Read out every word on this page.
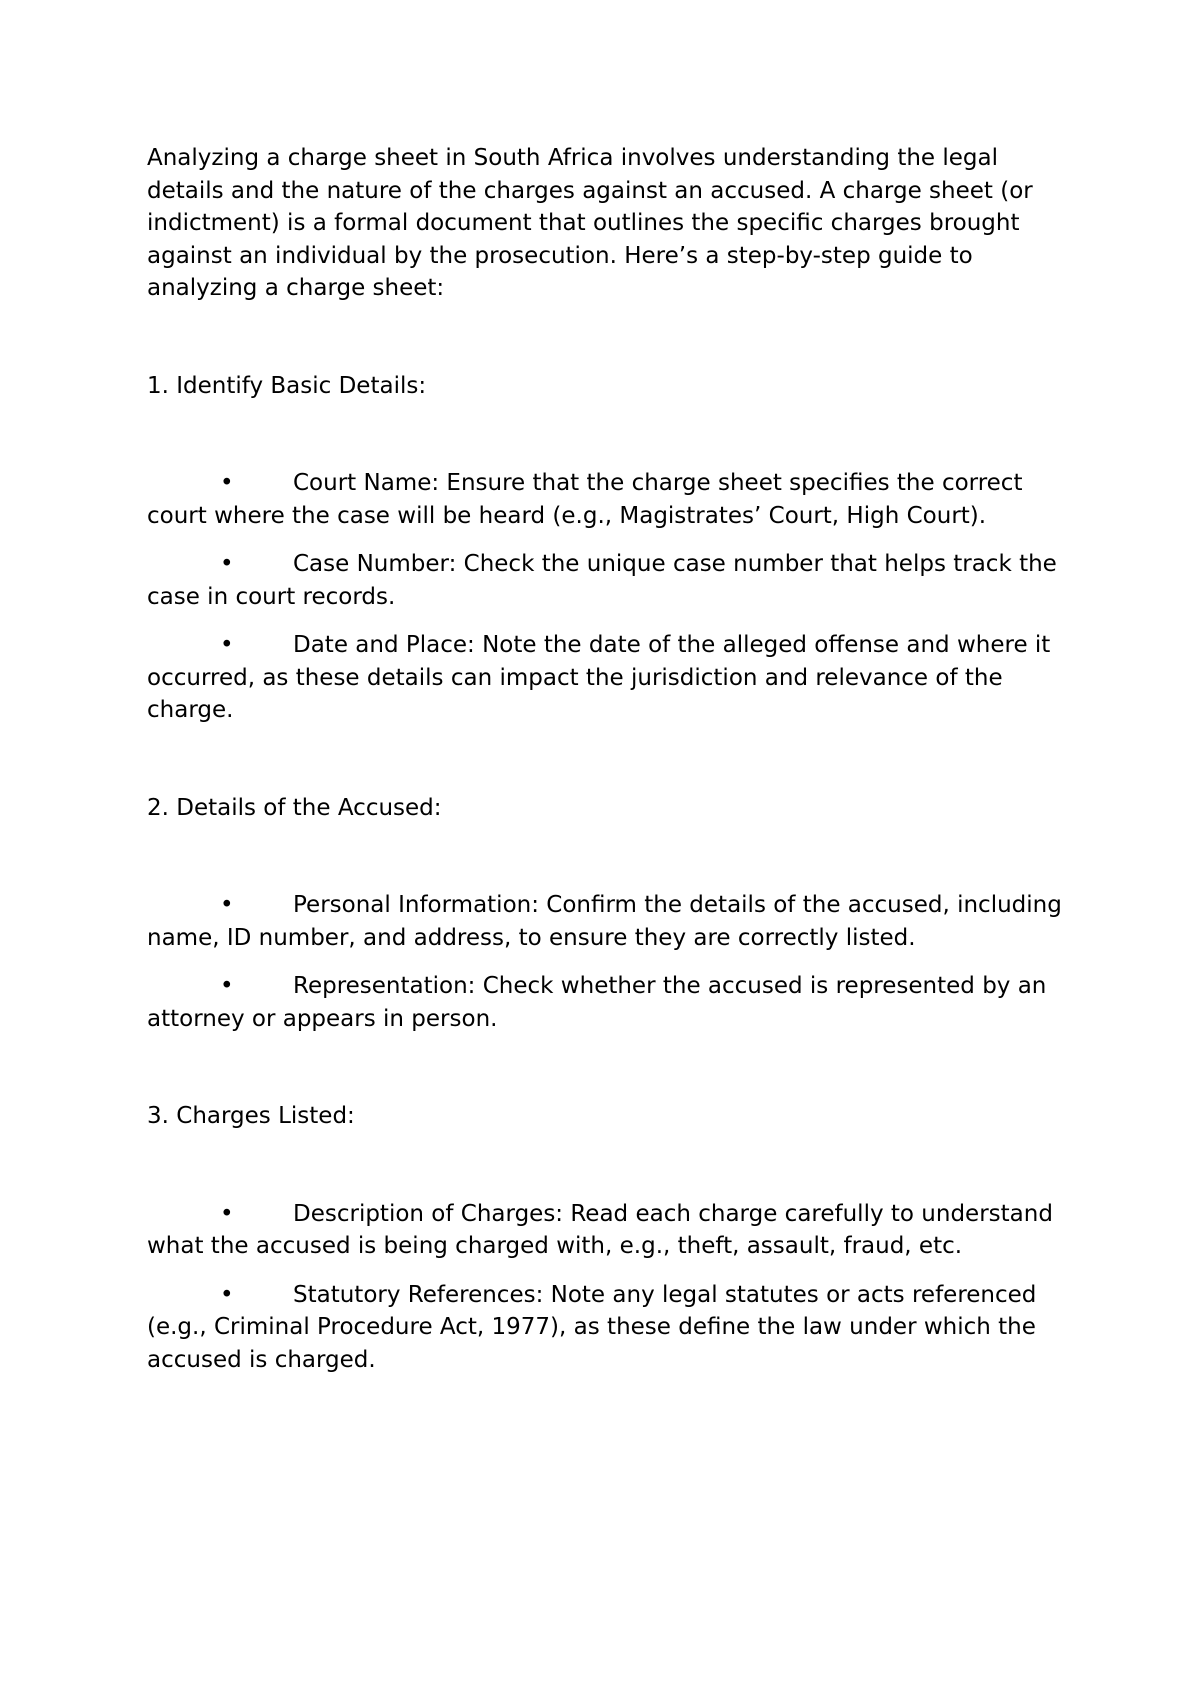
Analyzing a charge sheet in South Africa involves understanding the legal details and the nature of the charges against an accused. A charge sheet (or indictment) is a formal document that outlines the specific charges brought against an individual by the prosecution. Here’s a step-by-step guide to analyzing a charge sheet:

1. Identify Basic Details:

•	Court Name: Ensure that the charge sheet specifies the correct court where the case will be heard (e.g., Magistrates’ Court, High Court).
•	Case Number: Check the unique case number that helps track the case in court records.
•	Date and Place: Note the date of the alleged offense and where it occurred, as these details can impact the jurisdiction and relevance of the charge.

2. Details of the Accused:

•	Personal Information: Confirm the details of the accused, including name, ID number, and address, to ensure they are correctly listed.
•	Representation: Check whether the accused is represented by an attorney or appears in person.

3. Charges Listed:

•	Description of Charges: Read each charge carefully to understand what the accused is being charged with, e.g., theft, assault, fraud, etc.
•	Statutory References: Note any legal statutes or acts referenced (e.g., Criminal Procedure Act, 1977), as these define the law under which the accused is charged.
